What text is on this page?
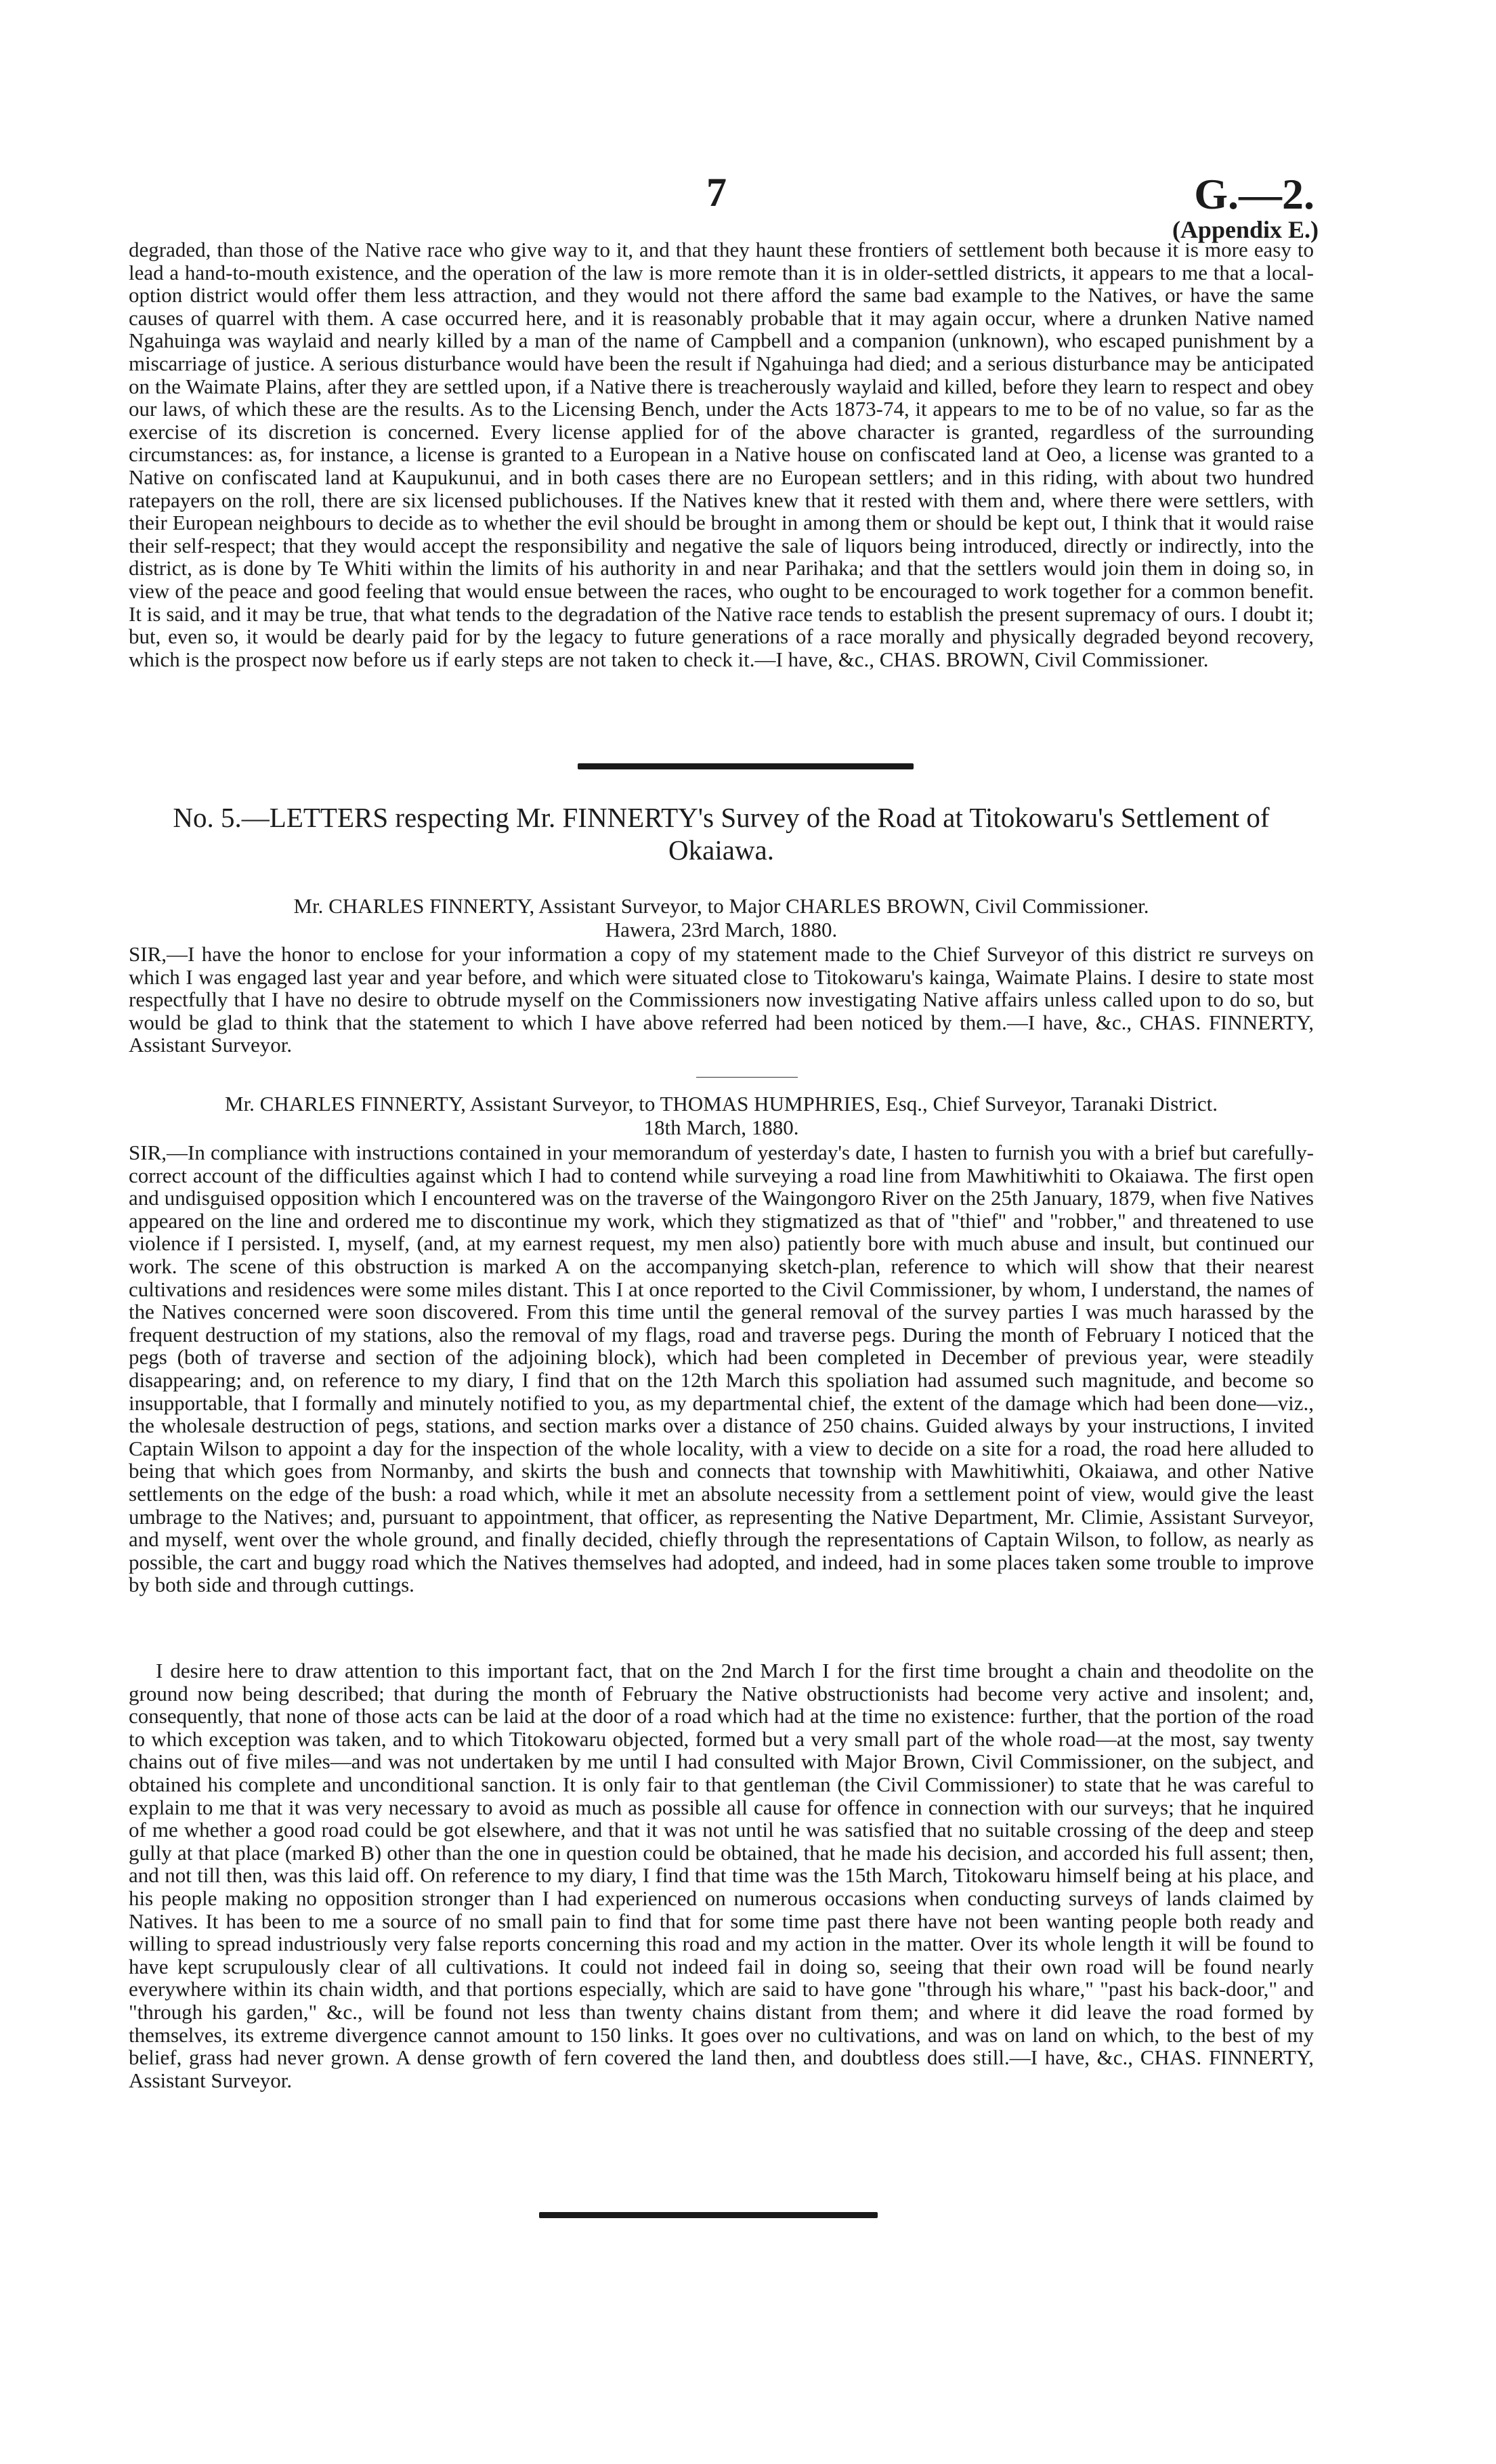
7	G.—2.
(Appendix E.)
degraded, than those of the Native race who give way to it, and that they haunt these frontiers of settlement both because it is more easy to lead a hand-to-mouth existence, and the operation of the law is more remote than it is in older-settled districts, it appears to me that a local-option district would offer them less attraction, and they would not there afford the same bad example to the Natives, or have the same causes of quarrel with them. A case occurred here, and it is reasonably probable that it may again occur, where a drunken Native named Ngahuinga was waylaid and nearly killed by a man of the name of Campbell and a companion (unknown), who escaped punishment by a miscarriage of justice. A serious disturbance would have been the result if Ngahuinga had died; and a serious disturbance may be anticipated on the Waimate Plains, after they are settled upon, if a Native there is treacherously waylaid and killed, before they learn to respect and obey our laws, of which these are the results. As to the Licensing Bench, under the Acts 1873-74, it appears to me to be of no value, so far as the exercise of its discretion is concerned. Every license applied for of the above character is granted, regardless of the surrounding circumstances: as, for instance, a license is granted to a European in a Native house on confiscated land at Oeo, a license was granted to a Native on confiscated land at Kaupukunui, and in both cases there are no European settlers; and in this riding, with about two hundred ratepayers on the roll, there are six licensed publichouses. If the Natives knew that it rested with them and, where there were settlers, with their European neighbours to decide as to whether the evil should be brought in among them or should be kept out, I think that it would raise their self-respect; that they would accept the responsibility and negative the sale of liquors being introduced, directly or indirectly, into the district, as is done by Te Whiti within the limits of his authority in and near Parihaka; and that the settlers would join them in doing so, in view of the peace and good feeling that would ensue between the races, who ought to be encouraged to work together for a common benefit. It is said, and it may be true, that what tends to the degradation of the Native race tends to establish the present supremacy of ours. I doubt it; but, even so, it would be dearly paid for by the legacy to future generations of a race morally and physically degraded beyond recovery, which is the prospect now before us if early steps are not taken to check it.—I have, &c., CHAS. BROWN, Civil Commissioner.
No. 5.—LETTERS respecting Mr. FINNERTY's Survey of the Road at Titokowaru's Settlement of
Okaiawa.
Mr. CHARLES FINNERTY, Assistant Surveyor, to Major CHARLES BROWN, Civil Commissioner.
Hawera, 23rd March, 1880.
SIR,—I have the honor to enclose for your information a copy of my statement made to the Chief Surveyor of this district re surveys on which I was engaged last year and year before, and which were situated close to Titokowaru's kainga, Waimate Plains. I desire to state most respectfully that I have no desire to obtrude myself on the Commissioners now investigating Native affairs unless called upon to do so, but would be glad to think that the statement to which I have above referred had been noticed by them.—I have, &c., CHAS. FINNERTY, Assistant Surveyor.
Mr. CHARLES FINNERTY, Assistant Surveyor, to THOMAS HUMPHRIES, Esq., Chief Surveyor, Taranaki District.
18th March, 1880.
SIR,—In compliance with instructions contained in your memorandum of yesterday's date, I hasten to furnish you with a brief but carefully-correct account of the difficulties against which I had to contend while surveying a road line from Mawhitiwhiti to Okaiawa. The first open and undisguised opposition which I encountered was on the traverse of the Waingongoro River on the 25th January, 1879, when five Natives appeared on the line and ordered me to discontinue my work, which they stigmatized as that of "thief" and "robber," and threatened to use violence if I persisted. I, myself, (and, at my earnest request, my men also) patiently bore with much abuse and insult, but continued our work. The scene of this obstruction is marked A on the accompanying sketch-plan, reference to which will show that their nearest cultivations and residences were some miles distant. This I at once reported to the Civil Commissioner, by whom, I understand, the names of the Natives concerned were soon discovered. From this time until the general removal of the survey parties I was much harassed by the frequent destruction of my stations, also the removal of my flags, road and traverse pegs. During the month of February I noticed that the pegs (both of traverse and section of the adjoining block), which had been completed in December of previous year, were steadily disappearing; and, on reference to my diary, I find that on the 12th March this spoliation had assumed such magnitude, and become so insupportable, that I formally and minutely notified to you, as my departmental chief, the extent of the damage which had been done—viz., the wholesale destruction of pegs, stations, and section marks over a distance of 250 chains. Guided always by your instructions, I invited Captain Wilson to appoint a day for the inspection of the whole locality, with a view to decide on a site for a road, the road here alluded to being that which goes from Normanby, and skirts the bush and connects that township with Mawhitiwhiti, Okaiawa, and other Native settlements on the edge of the bush: a road which, while it met an absolute necessity from a settlement point of view, would give the least umbrage to the Natives; and, pursuant to appointment, that officer, as representing the Native Department, Mr. Climie, Assistant Surveyor, and myself, went over the whole ground, and finally decided, chiefly through the representations of Captain Wilson, to follow, as nearly as possible, the cart and buggy road which the Natives themselves had adopted, and indeed, had in some places taken some trouble to improve by both side and through cuttings.
I desire here to draw attention to this important fact, that on the 2nd March I for the first time brought a chain and theodolite on the ground now being described; that during the month of February the Native obstructionists had become very active and insolent; and, consequently, that none of those acts can be laid at the door of a road which had at the time no existence: further, that the portion of the road to which exception was taken, and to which Titokowaru objected, formed but a very small part of the whole road—at the most, say twenty chains out of five miles—and was not undertaken by me until I had consulted with Major Brown, Civil Commissioner, on the subject, and obtained his complete and unconditional sanction. It is only fair to that gentleman (the Civil Commissioner) to state that he was careful to explain to me that it was very necessary to avoid as much as possible all cause for offence in connection with our surveys; that he inquired of me whether a good road could be got elsewhere, and that it was not until he was satisfied that no suitable crossing of the deep and steep gully at that place (marked B) other than the one in question could be obtained, that he made his decision, and accorded his full assent; then, and not till then, was this laid off. On reference to my diary, I find that time was the 15th March, Titokowaru himself being at his place, and his people making no opposition stronger than I had experienced on numerous occasions when conducting surveys of lands claimed by Natives. It has been to me a source of no small pain to find that for some time past there have not been wanting people both ready and willing to spread industriously very false reports concerning this road and my action in the matter. Over its whole length it will be found to have kept scrupulously clear of all cultivations. It could not indeed fail in doing so, seeing that their own road will be found nearly everywhere within its chain width, and that portions especially, which are said to have gone "through his whare," "past his back-door," and "through his garden," &c., will be found not less than twenty chains distant from them; and where it did leave the road formed by themselves, its extreme divergence cannot amount to 150 links. It goes over no cultivations, and was on land on which, to the best of my belief, grass had never grown. A dense growth of fern covered the land then, and doubtless does still.—I have, &c., CHAS. FINNERTY, Assistant Surveyor.
